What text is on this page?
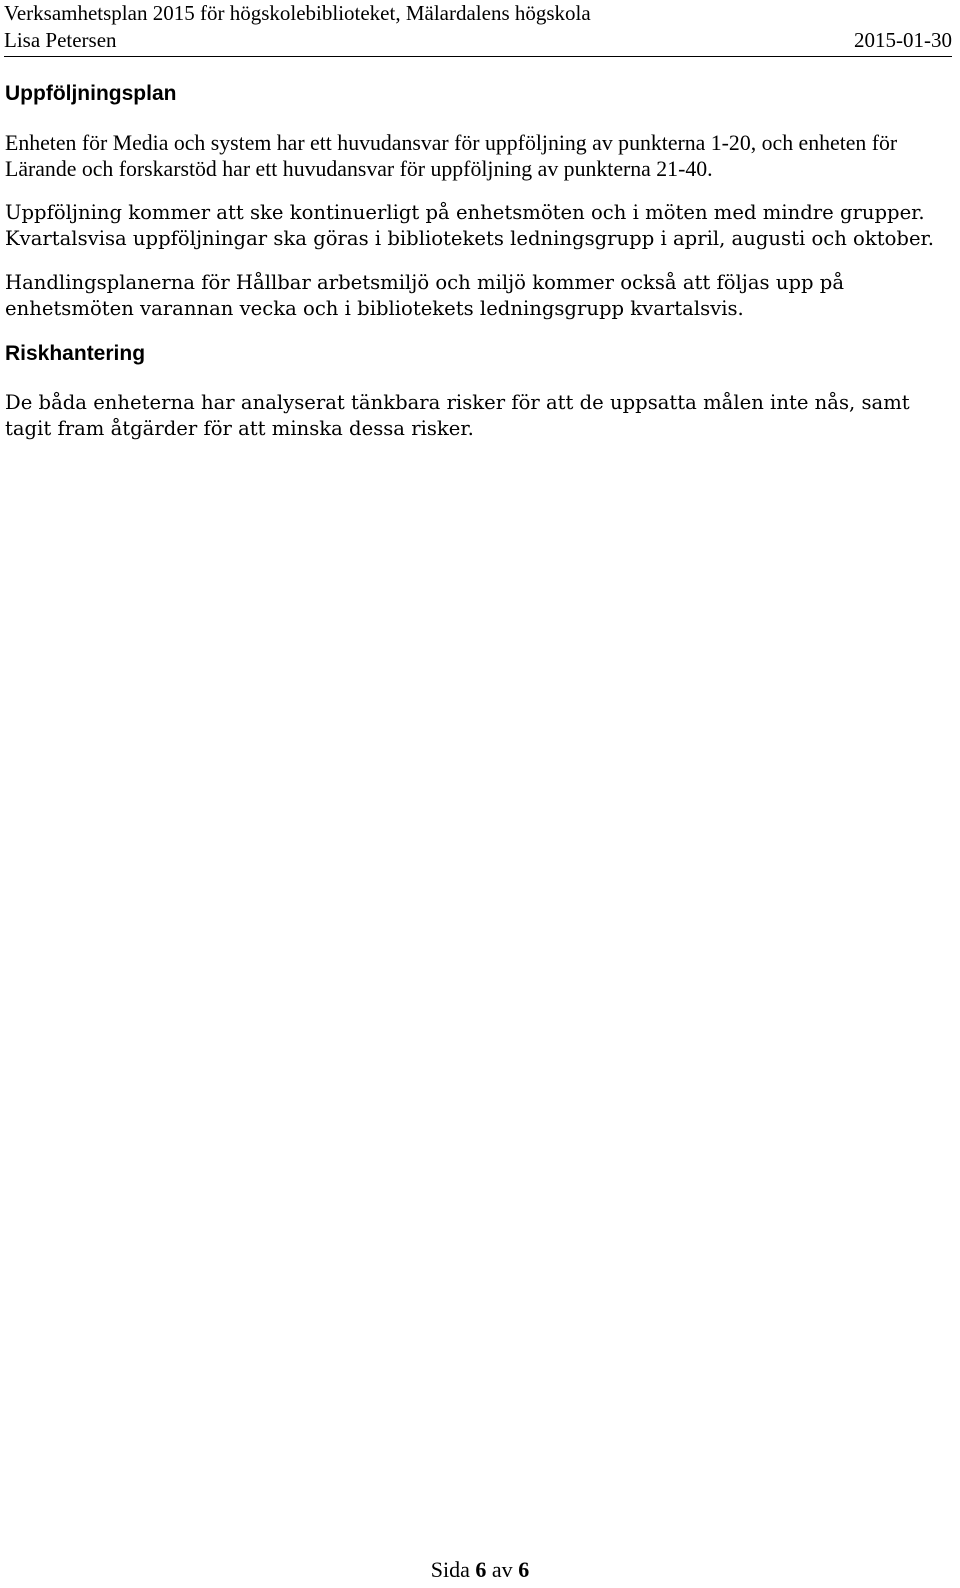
Verksamhetsplan 2015 för högskolebiblioteket, Mälardalens högskola
Lisa Petersen	2015-01-30
Uppföljningsplan

Enheten för Media och system har ett huvudansvar för uppföljning av punkterna 1-20, och enheten för Lärande och forskarstöd har ett huvudansvar för uppföljning av punkterna 21-40.

Uppföljning kommer att ske kontinuerligt på enhetsmöten och i möten med mindre grupper. Kvartalsvisa uppföljningar ska göras i bibliotekets ledningsgrupp i april, augusti och oktober.

Handlingsplanerna för Hållbar arbetsmiljö och miljö kommer också att följas upp på enhetsmöten varannan vecka och i bibliotekets ledningsgrupp kvartalsvis.

Riskhantering

De båda enheterna har analyserat tänkbara risker för att de uppsatta målen inte nås, samt tagit fram åtgärder för att minska dessa risker.

Sida 6 av 6
